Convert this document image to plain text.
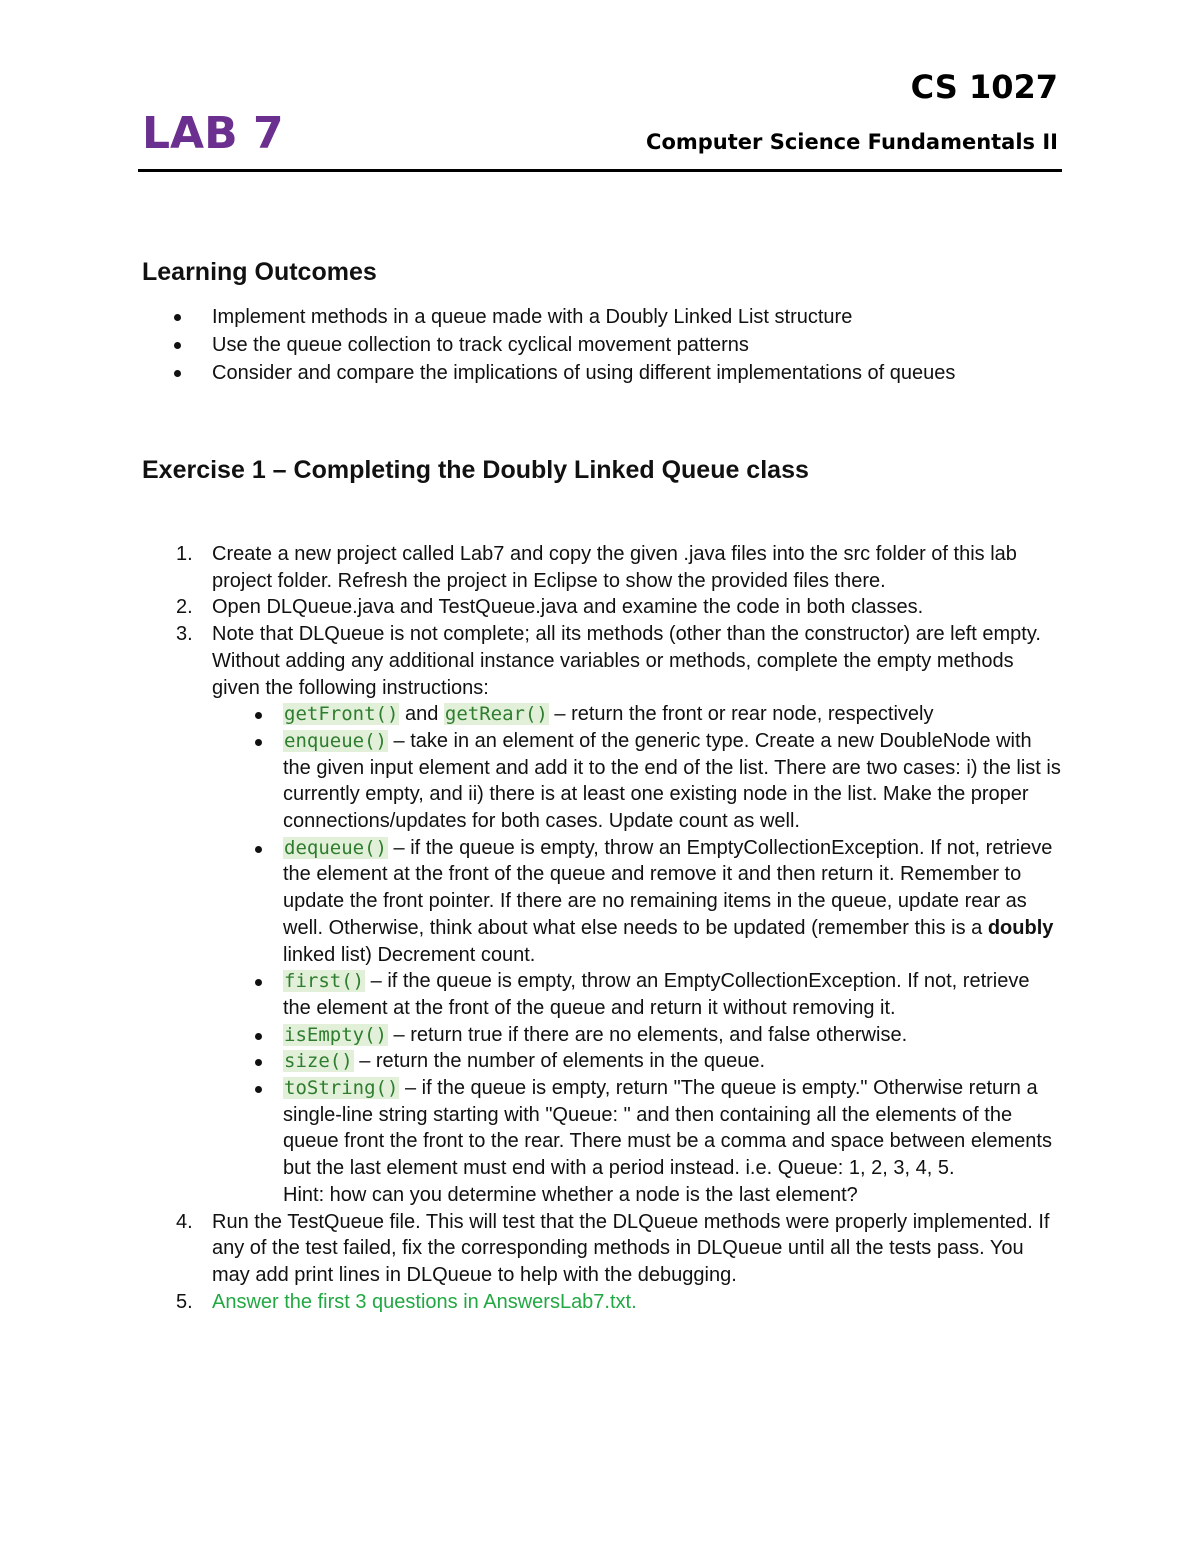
CS 1027
LAB 7	Computer Science Fundamentals II
Learning Outcomes
Implement methods in a queue made with a Doubly Linked List structure
Use the queue collection to track cyclical movement patterns
Consider and compare the implications of using different implementations of queues
Exercise 1 – Completing the Doubly Linked Queue class
1. Create a new project called Lab7 and copy the given .java files into the src folder of this lab project folder. Refresh the project in Eclipse to show the provided files there.
2. Open DLQueue.java and TestQueue.java and examine the code in both classes.
3. Note that DLQueue is not complete; all its methods (other than the constructor) are left empty. Without adding any additional instance variables or methods, complete the empty methods given the following instructions:
getFront() and getRear() – return the front or rear node, respectively
enqueue() – take in an element of the generic type. Create a new DoubleNode with the given input element and add it to the end of the list. There are two cases: i) the list is currently empty, and ii) there is at least one existing node in the list. Make the proper connections/updates for both cases. Update count as well.
dequeue() – if the queue is empty, throw an EmptyCollectionException. If not, retrieve the element at the front of the queue and remove it and then return it. Remember to update the front pointer. If there are no remaining items in the queue, update rear as well. Otherwise, think about what else needs to be updated (remember this is a doubly linked list) Decrement count.
first() – if the queue is empty, throw an EmptyCollectionException. If not, retrieve the element at the front of the queue and return it without removing it.
isEmpty() – return true if there are no elements, and false otherwise.
size() – return the number of elements in the queue.
toString() – if the queue is empty, return "The queue is empty." Otherwise return a single-line string starting with "Queue: " and then containing all the elements of the queue front the front to the rear. There must be a comma and space between elements but the last element must end with a period instead. i.e. Queue: 1, 2, 3, 4, 5.
Hint: how can you determine whether a node is the last element?
4. Run the TestQueue file. This will test that the DLQueue methods were properly implemented. If any of the test failed, fix the corresponding methods in DLQueue until all the tests pass. You may add print lines in DLQueue to help with the debugging.
5. Answer the first 3 questions in AnswersLab7.txt.
